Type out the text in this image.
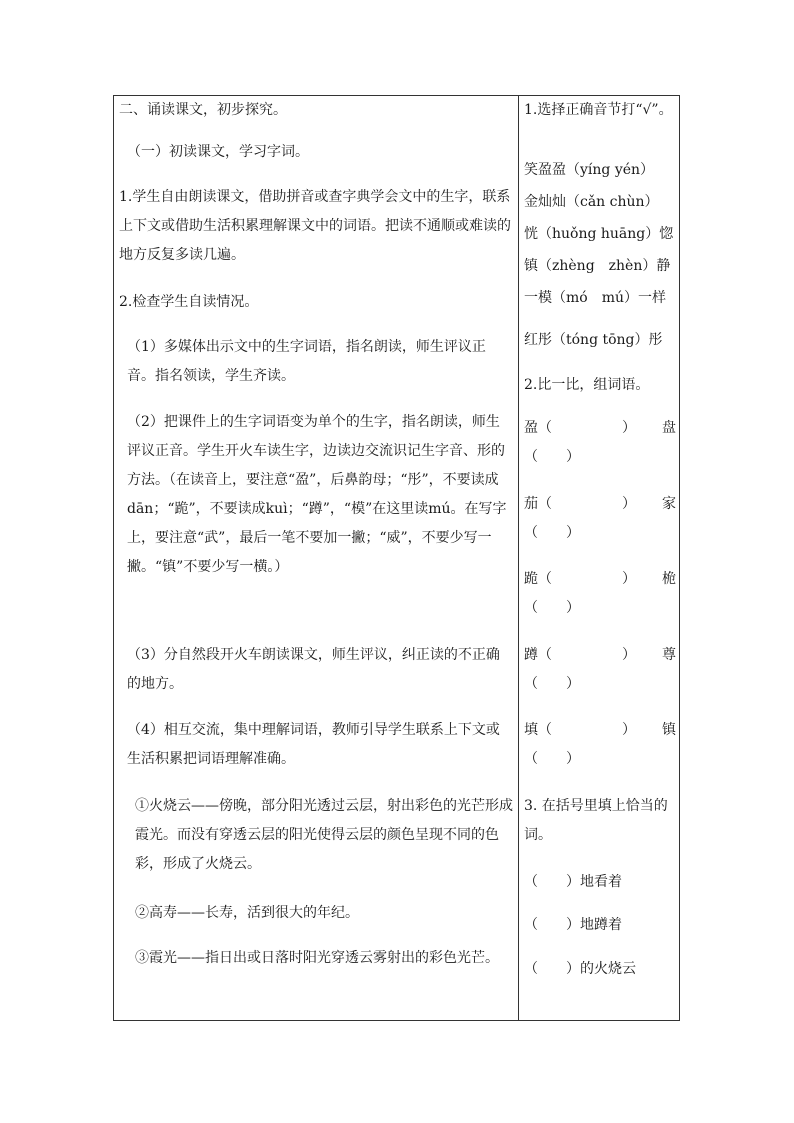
二、诵读课文，初步探究。

（一）初读课文，学习字词。

1.学生自由朗读课文，借助拼音或查字典学会文中的生字，联系上下文或借助生活积累理解课文中的词语。把读不通顺或难读的地方反复多读几遍。

2.检查学生自读情况。

（1）多媒体出示文中的生字词语，指名朗读，师生评议正音。指名领读，学生齐读。

（2）把课件上的生字词语变为单个的生字，指名朗读，师生评议正音。学生开火车读生字，边读边交流识记生字音、形的方法。（在读音上，要注意“盈”，后鼻韵母；“彤”，不要读成dān；“跪”，不要读成kuì；“蹲”，“模”在这里读mú。在写字上，要注意“武”，最后一笔不要加一撇；“威”，不要少写一撇。“镇”不要少写一横。）

（3）分自然段开火车朗读课文，师生评议，纠正读的不正确的地方。

（4）相互交流，集中理解词语，教师引导学生联系上下文或生活积累把词语理解准确。

①火烧云——傍晚，部分阳光透过云层，射出彩色的光芒形成霞光。而没有穿透云层的阳光使得云层的颜色呈现不同的色彩，形成了火烧云。

②高寿——长寿，活到很大的年纪。

③霞光——指日出或日落时阳光穿透云雾射出的彩色光芒。

1.选择正确音节打“√”。

笑盈盈（yíng yén）

金灿灿（cǎn chùn）

恍（huǒng huāng）惚

镇（zhèng　zhèn）静

一模（mó　mú）一样

红彤（tóng tōng）彤

2.比一比，组词语。

盈（　　　　　） 盘
（　　）
茄（　　　　　） 家
（　　）
跪（　　　　　） 桅
（　　）
蹲（　　　　　） 尊
（　　）
填（　　　　　） 镇
（　　）

3. 在括号里填上恰当的词。

（　　）地看着

（　　）地蹲着

（　　）的火烧云
